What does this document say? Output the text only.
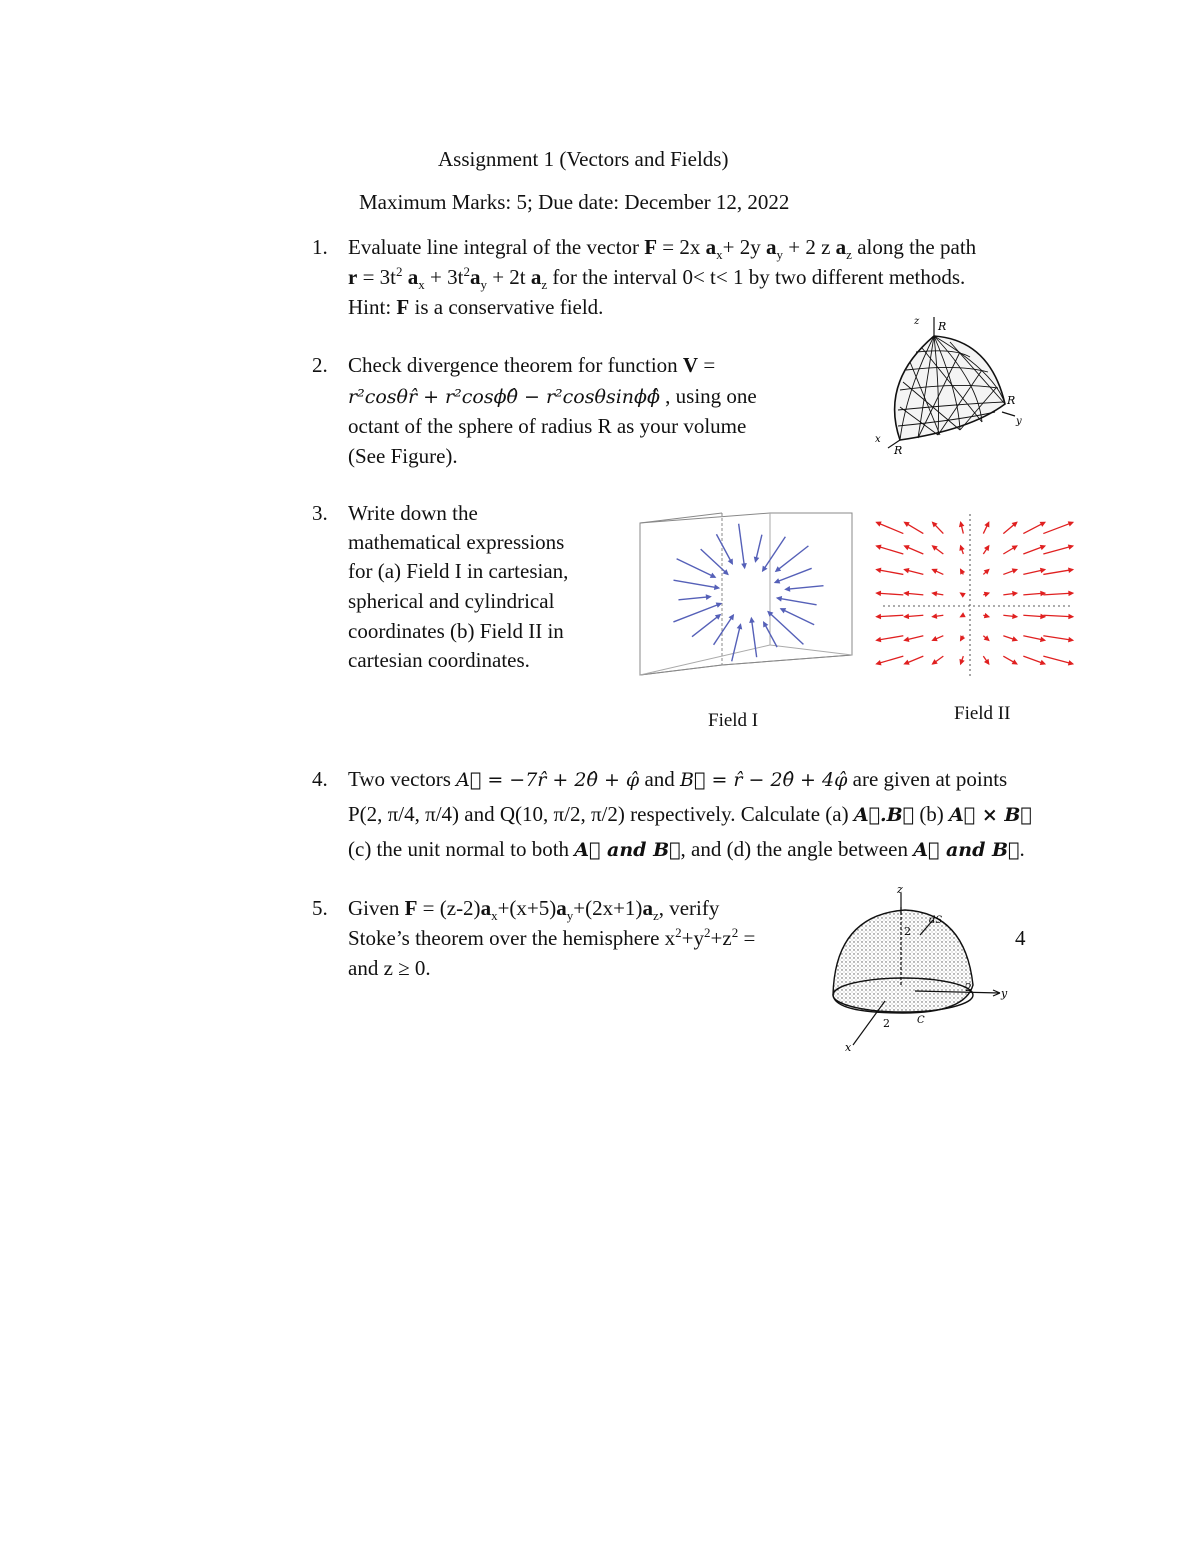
Assignment 1 (Vectors and Fields)
Maximum Marks: 5; Due date: December 12, 2022
1. Evaluate line integral of the vector F = 2x $a_x+ 2y$ $a_y + 2$ z $a_z$ along the path
$r = 3t^2$ $a_x + 3t^2a_y + 2t$ $a_z$ for the interval 0< t< 1 by two different methods.
Hint: F is a conservative field.
2. Check divergence theorem for function V =
r²cosθr̂ + r²cosϕθ̂ − r²cosθsinϕϕ̂ , using one
octant of the sphere of radius R as your volume
(See Figure).
z R
R
y
x
R
3. Write down the
mathematical expressions
for (a) Field I in cartesian,
spherical and cylindrical
coordinates (b) Field II in
cartesian coordinates.
Field I	Field II
4. Two vectors A⃗ = −7r̂ + 2θ̂ + φ̂ and B⃗ = r̂ − 2θ̂ + 4φ̂ are given at points
P(2, π/4, π/4) and Q(10, π/2, π/2) respectively. Calculate (a) A⃗.B⃗ (b) A⃗ × B⃗
(c) the unit normal to both A⃗ and B⃗, and (d) the angle between A⃗ and B⃗.
5. Given $F = (z-2)a_x+(x+5)a_y+(2x+1)a_z$, verify
Stoke’s theorem over the hemisphere $x^2+y^2+z^2$ =	4
and z ≥ 0.
z
dS
2
2
2
y
x
C
